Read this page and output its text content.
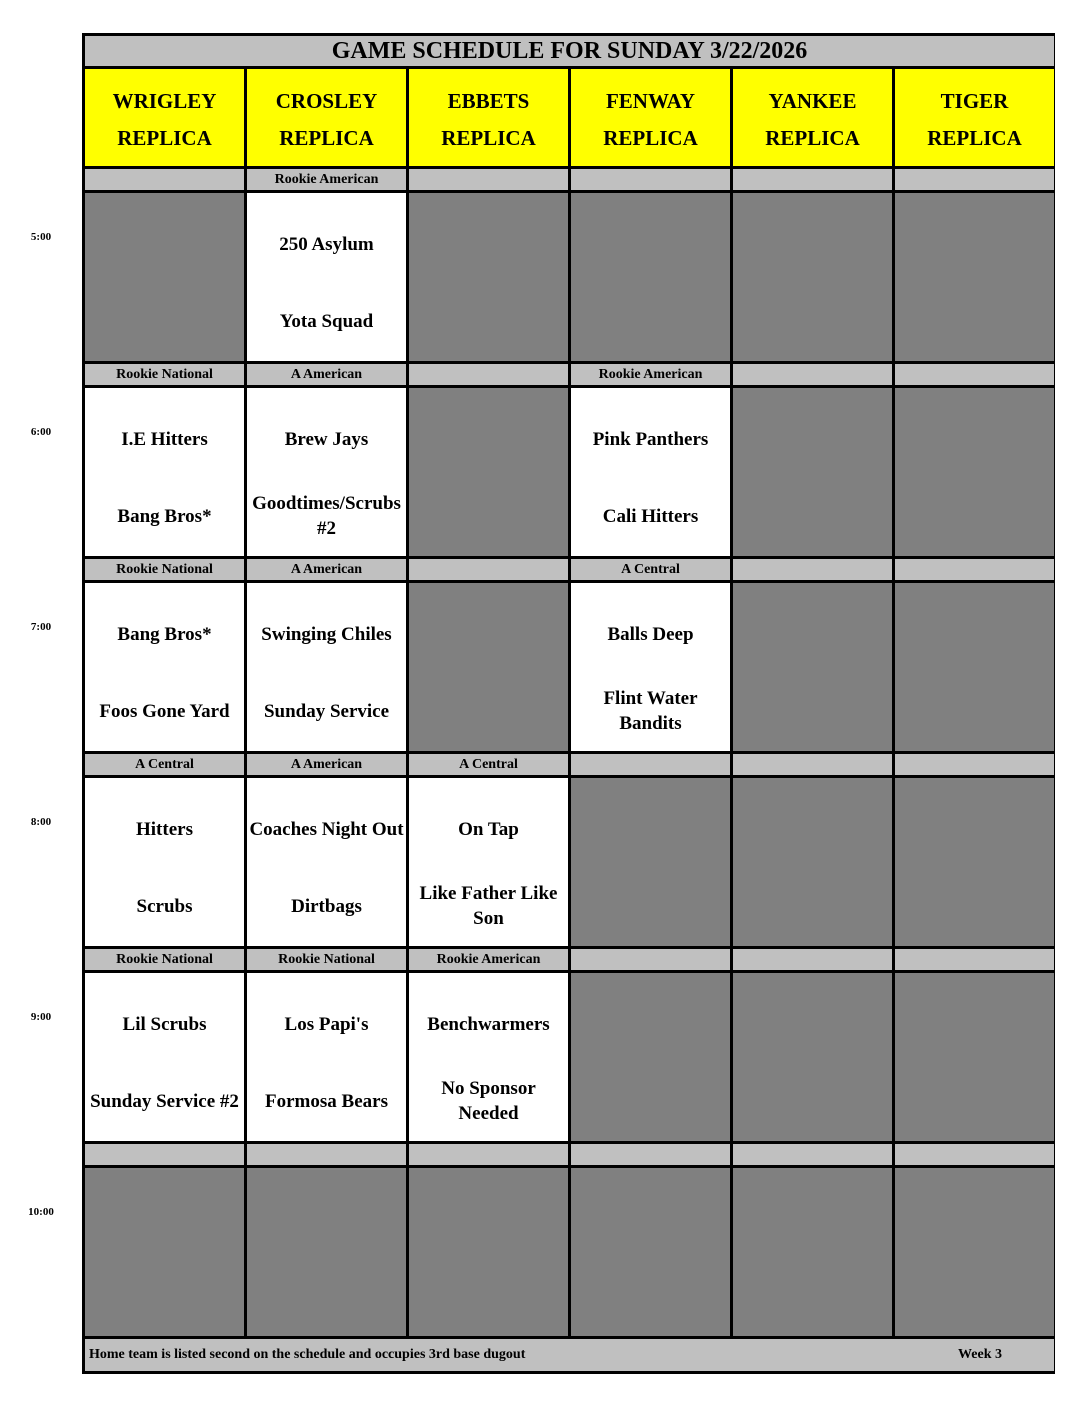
GAME SCHEDULE FOR SUNDAY 3/22/2026
WRIGLEY
REPLICA
CROSLEY
REPLICA
EBBETS
REPLICA
FENWAY
REPLICA
YANKEE
REPLICA
TIGER
REPLICA
Rookie American
250 Asylum
Yota Squad
Rookie National
I.E Hitters
Bang Bros*
A American
Brew Jays
Goodtimes/Scrubs #2
Rookie American
Pink Panthers
Cali Hitters
Rookie National
Bang Bros*
Foos Gone Yard
A American
Swinging Chiles
Sunday Service
A Central
Balls Deep
Flint Water Bandits
A Central
Hitters
Scrubs
A American
Coaches Night Out
Dirtbags
A Central
On Tap
Like Father Like Son
Rookie National
Lil Scrubs
Sunday Service #2
Rookie National
Los Papi's
Formosa Bears
Rookie American
Benchwarmers
No Sponsor Needed
Home team is listed second on the schedule and occupies 3rd base dugout	Week 3
5:00
6:00
7:00
8:00
9:00
10:00
